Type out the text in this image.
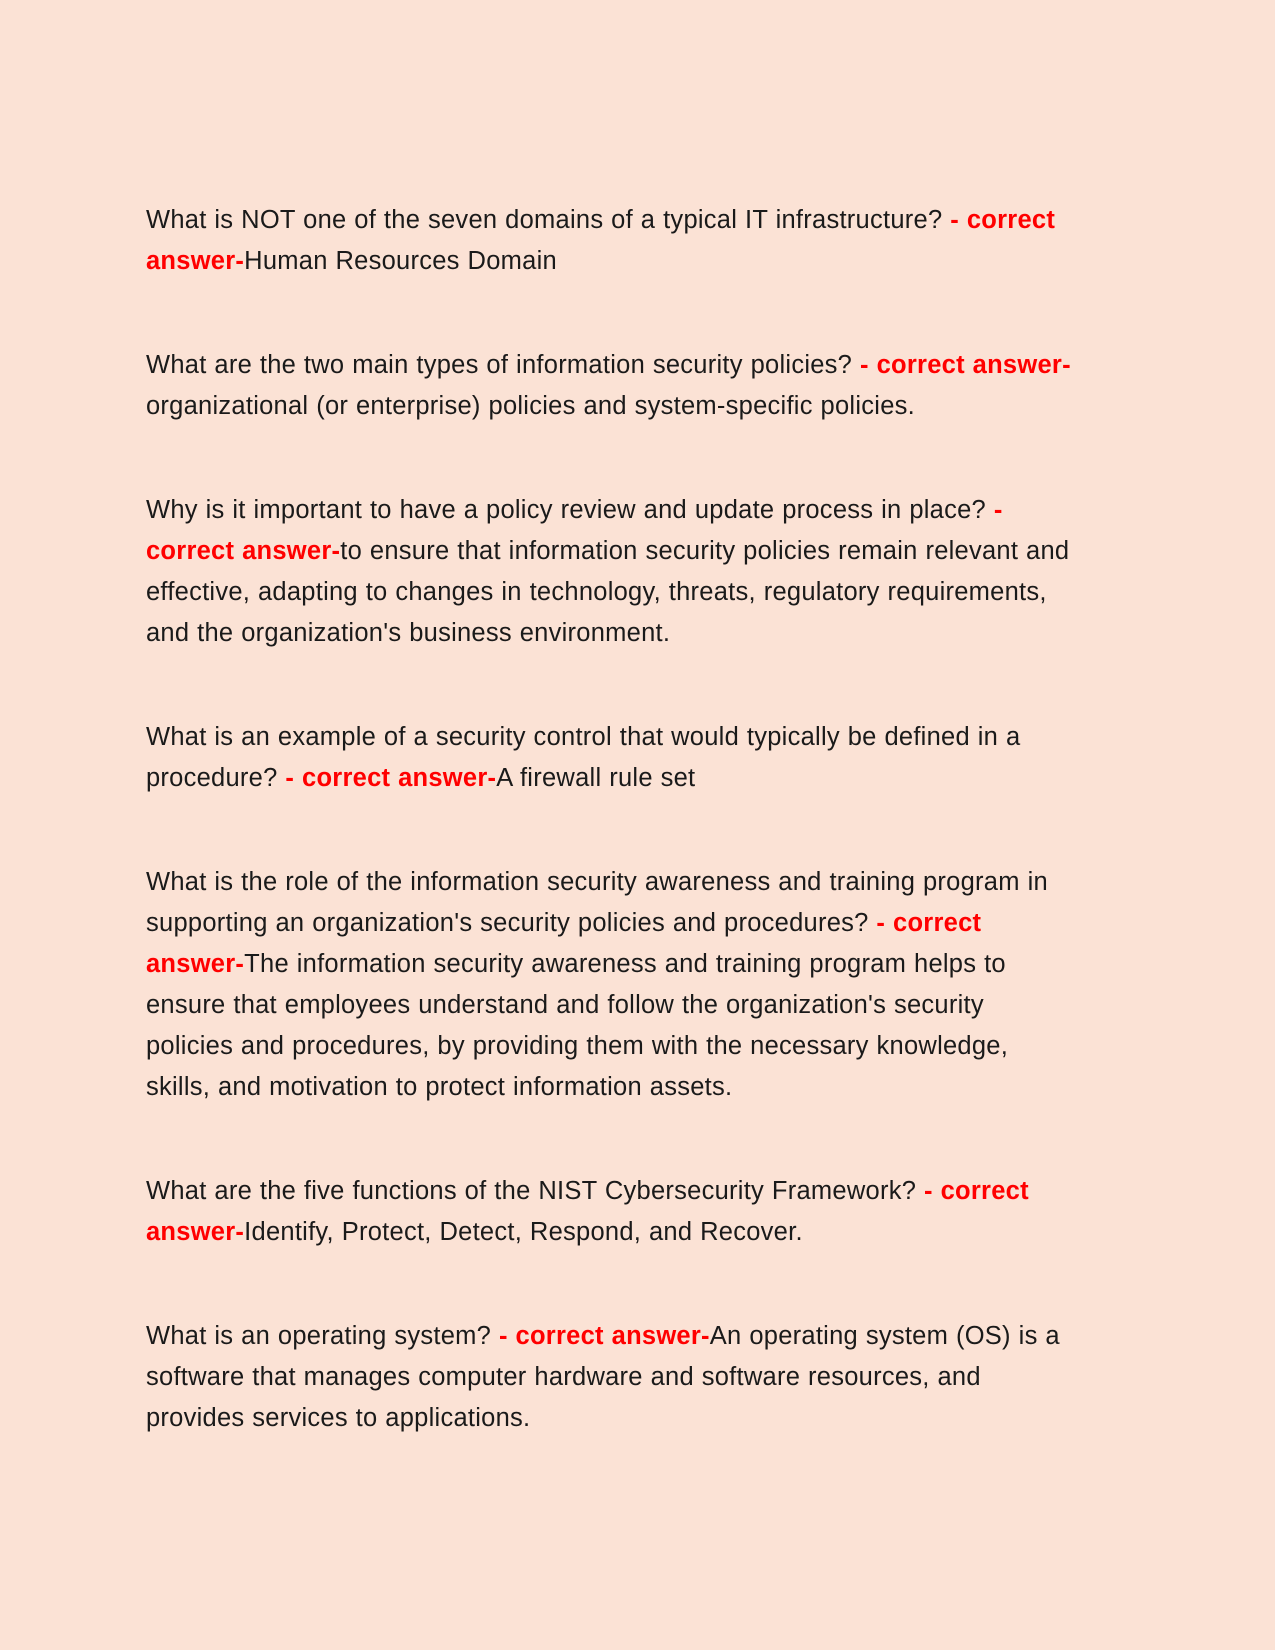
What is NOT one of the seven domains of a typical IT infrastructure? - correct answer-Human Resources Domain

What are the two main types of information security policies? - correct answer-organizational (or enterprise) policies and system-specific policies.

Why is it important to have a policy review and update process in place? - correct answer-to ensure that information security policies remain relevant and effective, adapting to changes in technology, threats, regulatory requirements, and the organization's business environment.

What is an example of a security control that would typically be defined in a procedure? - correct answer-A firewall rule set

What is the role of the information security awareness and training program in supporting an organization's security policies and procedures? - correct answer-The information security awareness and training program helps to ensure that employees understand and follow the organization's security policies and procedures, by providing them with the necessary knowledge, skills, and motivation to protect information assets.

What are the five functions of the NIST Cybersecurity Framework? - correct answer-Identify, Protect, Detect, Respond, and Recover.

What is an operating system? - correct answer-An operating system (OS) is a software that manages computer hardware and software resources, and provides services to applications.
